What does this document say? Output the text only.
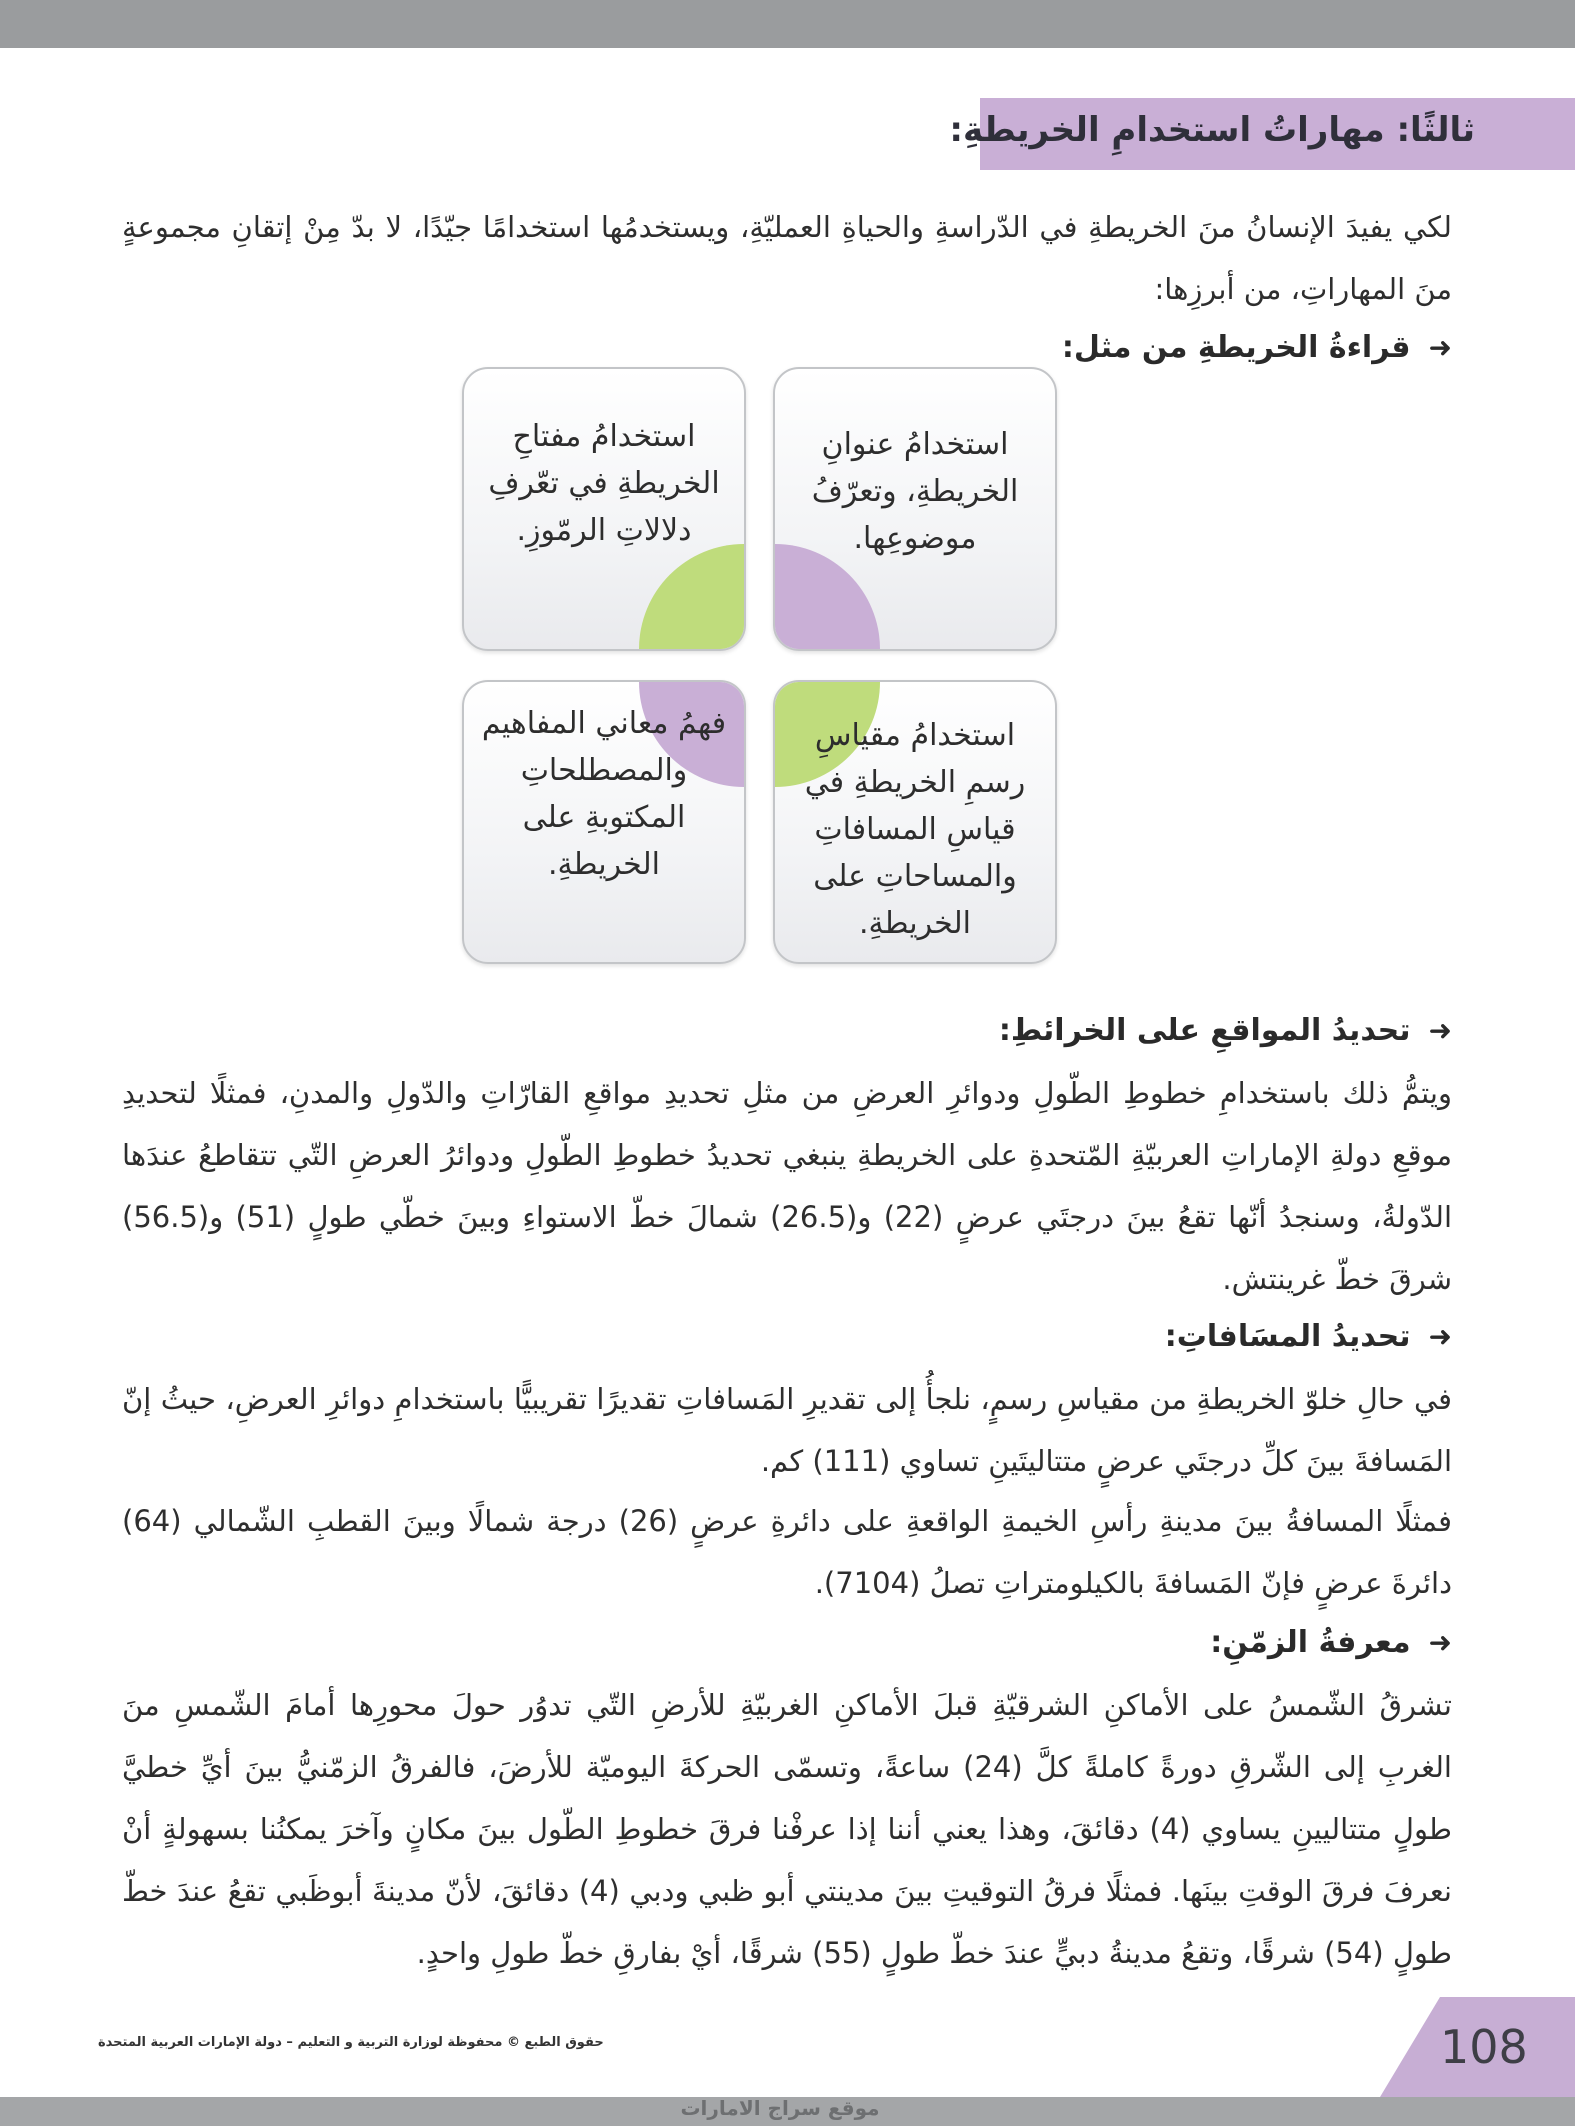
ثالثًا: مهاراتُ استخدامِ الخريطةِ:
لكي يفيدَ الإنسانُ منَ الخريطةِ في الدّراسةِ والحياةِ العمليّةِ، ويستخدمُها استخدامًا جيّدًا، لا بدّ مِنْ إتقانِ مجموعةٍ منَ المهاراتِ، من أبرزِها:
➜قراءةُ الخريطةِ من مثل:
استخدامُ عنوانِ الخريطةِ، وتعرّفُ موضوعِها.
استخدامُ مفتاحِ الخريطةِ في تعّرفِ دلالاتِ الرمّوزِ.
استخدامُ مقياسِ رسمِ الخريطةِ في قياسِ المسافاتِ والمساحاتِ على الخريطةِ.
فهمُ معاني المفاهيم والمصطلحاتِ المكتوبةِ على الخريطةِ.
➜تحديدُ المواقعِ على الخرائطِ:
ويتمُّ ذلك باستخدامِ خطوطِ الطّولِ ودوائرِ العرضِ من مثلِ تحديدِ مواقعِ القارّاتِ والدّولِ والمدنِ، فمثلًا لتحديدِ موقعِ دولةِ الإماراتِ العربيّةِ المّتحدةِ على الخريطةِ ينبغي تحديدُ خطوطِ الطّولِ ودوائرُ العرضِ التّي تتقاطعُ عندَها الدّولةُ، وسنجدُ أنّها تقعُ بينَ درجتَي عرضٍ (22) و(26.5) شمالَ خطّ الاستواءِ وبينَ خطّي طولٍ (51) و(56.5) شرقَ خطّ غرينتش.
➜تحديدُ المسَافاتِ:
في حالِ خلوّ الخريطةِ من مقياسِ رسمٍ، نلجأُ إلى تقديرِ المَسافاتِ تقديرًا تقريبيًّا باستخدامِ دوائرِ العرضِ، حيثُ إنّ المَسافةَ بينَ كلِّ درجتَي عرضٍ متتاليتَينِ تساوي (111) كم.
فمثلًا المسافةُ بينَ مدينةِ رأسِ الخيمةِ الواقعةِ على دائرةِ عرضٍ (26) درجة شمالًا وبينَ القطبِ الشّمالي (64) دائرةَ عرضٍ فإنّ المَسافةَ بالكيلومتراتِ تصلُ (7104).
➜معرفةُ الزمّنِ:
تشرقُ الشّمسُ على الأماكنِ الشرقيّةِ قبلَ الأماكنِ الغربيّةِ للأرضِ التّي تدوُر حولَ محورِها أمامَ الشّمسِ منَ الغربِ إلى الشّرقِ دورةً كاملةً كلَّ (24) ساعةً، وتسمّى الحركةَ اليوميّة للأرضَ، فالفرقُ الزمّنيُّ بينَ أيِّ خطيَّ طولٍ متتاليينِ يساوي (4) دقائقَ، وهذا يعني أننا إذا عرفْنا فرقَ خطوطِ الطّول بينَ مكانٍ وآخرَ يمكنُنا بسهولةٍ أنْ نعرفَ فرقَ الوقتِ بينَها. فمثلًا فرقُ التوقيتِ بينَ مدينتي أبو ظبي ودبي (4) دقائقَ، لأنّ مدينةَ أبوظَبي تقعُ عندَ خطّ طولٍ (54) شرقًا، وتقعُ مدينةُ دبيٍّ عندَ خطّ طولٍ (55) شرقًا، أيْ بفارقِ خطّ طولِ واحدٍ.
حقوق الطبع © محفوظة لوزارة التربية و التعليم – دولة الإمارات العربية المتحدة	108
موقع سراج الامارات
